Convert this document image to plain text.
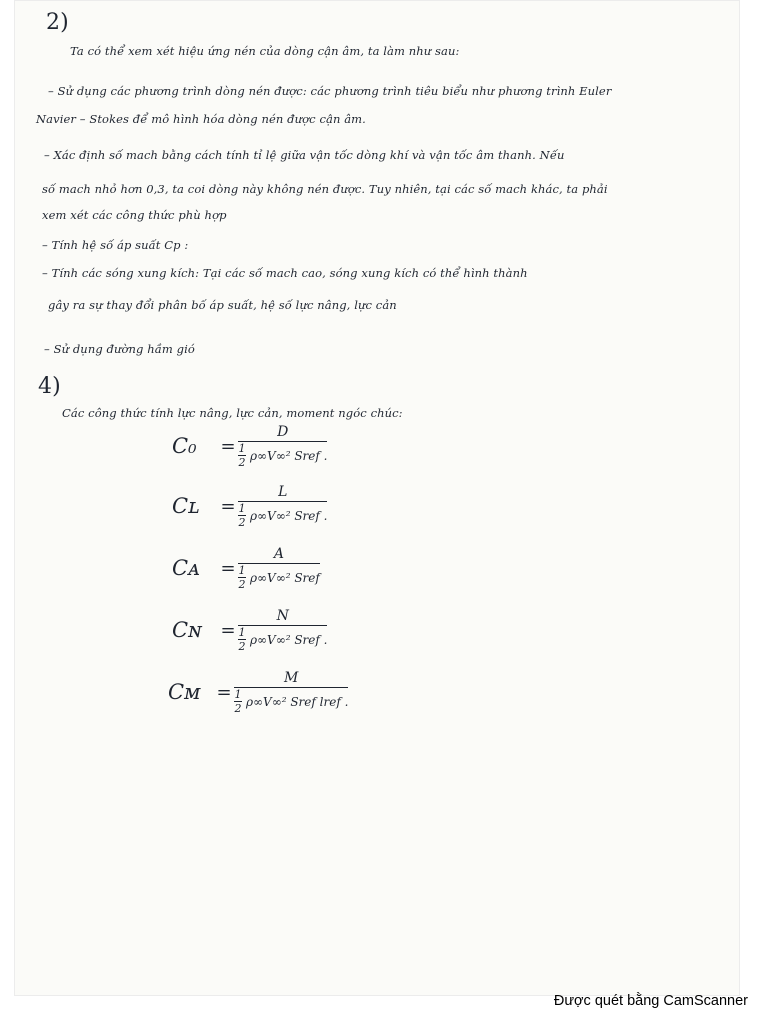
2)
Ta có thể xem xét hiệu ứng nén của dòng cận âm, ta làm như sau:
– Sử dụng các phương trình dòng nén được: các phương trình tiêu biểu như phương trình Euler
Navier – Stokes để mô hình hóa dòng nén được cận âm.
– Xác định số mach bằng cách tính tỉ lệ giữa vận tốc dòng khí và vận tốc âm thanh. Nếu
số mach nhỏ hơn 0,3, ta coi dòng này không nén được. Tuy nhiên, tại các số mach khác, ta phải
xem xét các công thức phù hợp
– Tính hệ số áp suất Cp :
– Tính các sóng xung kích: Tại các số mach cao, sóng xung kích có thể hình thành
gây ra sự thay đổi phân bố áp suất, hệ số lực nâng, lực cản
– Sử dụng đường hầm gió
4)
Các công thức tính lực nâng, lực cản, moment ngóc chúc:
C₀	= D
1
2 ρ∞V∞² Sref .
Cʟ	= L
1
2 ρ∞V∞² Sref .
Cᴀ	= A
1
2 ρ∞V∞² Sref
Cɴ	= N
1
2 ρ∞V∞² Sref .
Cᴍ = M
1
2 ρ∞V∞² Sref lref .
Được quét bằng CamScanner
